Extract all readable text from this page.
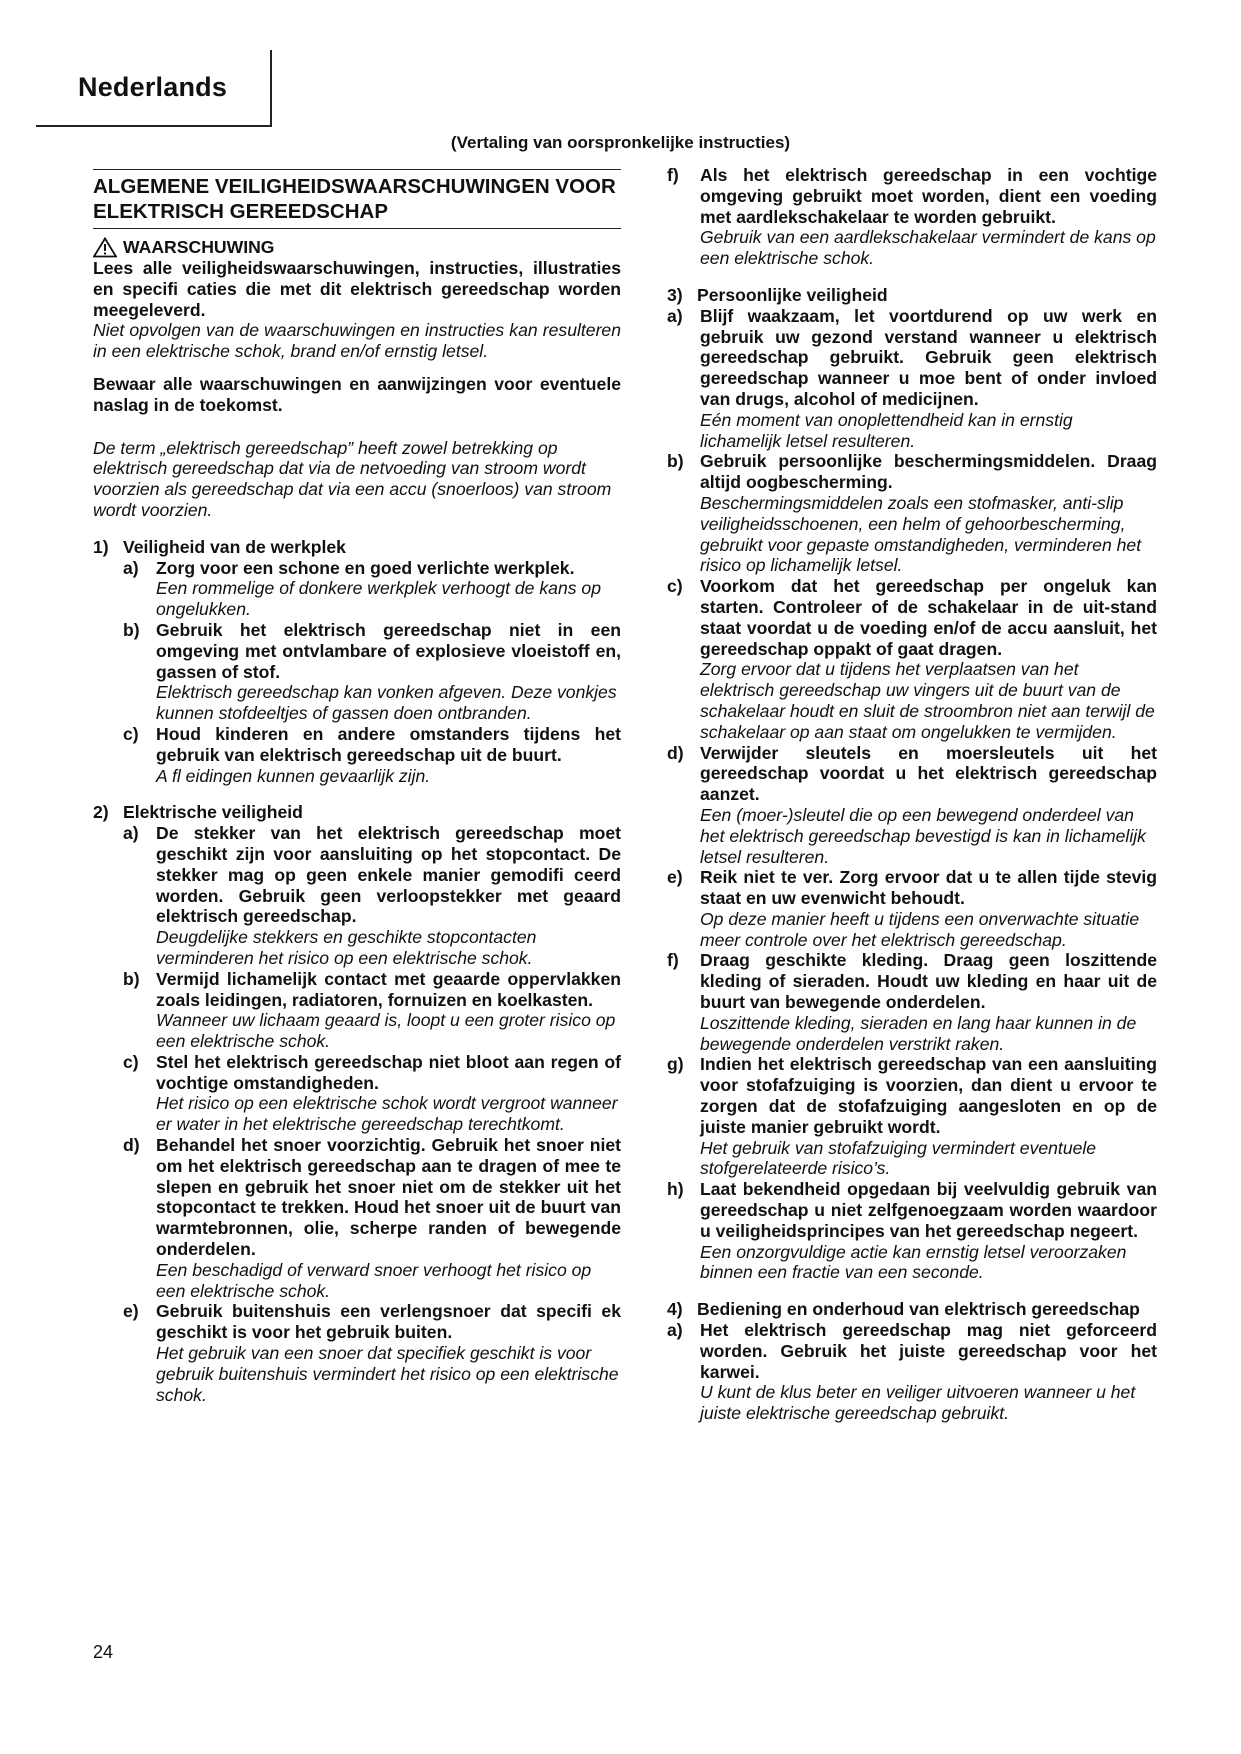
Nederlands
(Vertaling van oorspronkelijke instructies)
ALGEMENE VEILIGHEIDSWAARSCHUWINGEN VOOR ELEKTRISCH GEREEDSCHAP
WAARSCHUWING
Lees alle veiligheidswaarschuwingen, instructies, illustraties en specifi caties die met dit elektrisch gereedschap worden meegeleverd.
Niet opvolgen van de waarschuwingen en instructies kan resulteren in een elektrische schok, brand en/of ernstig letsel.
Bewaar alle waarschuwingen en aanwijzingen voor eventuele naslag in de toekomst.
De term „elektrisch gereedschap” heeft zowel betrekking op elektrisch gereedschap dat via de netvoeding van stroom wordt voorzien als gereedschap dat via een accu (snoerloos) van stroom wordt voorzien.
1) Veiligheid van de werkplek
a) Zorg voor een schone en goed verlichte werkplek.
Een rommelige of donkere werkplek verhoogt de kans op ongelukken.
b) Gebruik het elektrisch gereedschap niet in een omgeving met ontvlambare of explosieve vloeistoff en, gassen of stof.
Elektrisch gereedschap kan vonken afgeven. Deze vonkjes kunnen stofdeeltjes of gassen doen ontbranden.
c) Houd kinderen en andere omstanders tijdens het gebruik van elektrisch gereedschap uit de buurt.
A fl eidingen kunnen gevaarlijk zijn.
2) Elektrische veiligheid
a) De stekker van het elektrisch gereedschap moet geschikt zijn voor aansluiting op het stopcontact. De stekker mag op geen enkele manier gemodifi ceerd worden. Gebruik geen verloopstekker met geaard elektrisch gereedschap.
Deugdelijke stekkers en geschikte stopcontacten verminderen het risico op een elektrische schok.
b) Vermijd lichamelijk contact met geaarde oppervlakken zoals leidingen, radiatoren, fornuizen en koelkasten.
Wanneer uw lichaam geaard is, loopt u een groter risico op een elektrische schok.
c) Stel het elektrisch gereedschap niet bloot aan regen of vochtige omstandigheden.
Het risico op een elektrische schok wordt vergroot wanneer er water in het elektrische gereedschap terechtkomt.
d) Behandel het snoer voorzichtig. Gebruik het snoer niet om het elektrisch gereedschap aan te dragen of mee te slepen en gebruik het snoer niet om de stekker uit het stopcontact te trekken. Houd het snoer uit de buurt van warmtebronnen, olie, scherpe randen of bewegende onderdelen.
Een beschadigd of verward snoer verhoogt het risico op een elektrische schok.
e) Gebruik buitenshuis een verlengsnoer dat specifi ek geschikt is voor het gebruik buiten.
Het gebruik van een snoer dat specifiek geschikt is voor gebruik buitenshuis vermindert het risico op een elektrische schok.
f)	Als het elektrisch gereedschap in een vochtige omgeving gebruikt moet worden, dient een voeding met aardlekschakelaar te worden gebruikt.
Gebruik van een aardlekschakelaar vermindert de kans op een elektrische schok.
3) Persoonlijke veiligheid
a) Blijf waakzaam, let voortdurend op uw werk en gebruik uw gezond verstand wanneer u elektrisch gereedschap gebruikt. Gebruik geen elektrisch gereedschap wanneer u moe bent of onder invloed van drugs, alcohol of medicijnen.
Eén moment van onoplettendheid kan in ernstig lichamelijk letsel resulteren.
b) Gebruik persoonlijke beschermingsmiddelen. Draag altijd oogbescherming.
Beschermingsmiddelen zoals een stofmasker, anti-slip veiligheidsschoenen, een helm of gehoorbescherming, gebruikt voor gepaste omstandigheden, verminderen het risico op lichamelijk letsel.
c) Voorkom dat het gereedschap per ongeluk kan starten. Controleer of de schakelaar in de uit-stand staat voordat u de voeding en/of de accu aansluit, het gereedschap oppakt of gaat dragen.
Zorg ervoor dat u tijdens het verplaatsen van het elektrisch gereedschap uw vingers uit de buurt van de schakelaar houdt en sluit de stroombron niet aan terwijl de schakelaar op aan staat om ongelukken te vermijden.
d) Verwijder sleutels en moersleutels uit het gereedschap voordat u het elektrisch gereedschap aanzet.
Een (moer-)sleutel die op een bewegend onderdeel van het elektrisch gereedschap bevestigd is kan in lichamelijk letsel resulteren.
e) Reik niet te ver. Zorg ervoor dat u te allen tijde stevig staat en uw evenwicht behoudt.
Op deze manier heeft u tijdens een onverwachte situatie meer controle over het elektrisch gereedschap.
f)	Draag geschikte kleding. Draag geen loszittende kleding of sieraden. Houdt uw kleding en haar uit de buurt van bewegende onderdelen.
Loszittende kleding, sieraden en lang haar kunnen in de bewegende onderdelen verstrikt raken.
g) Indien het elektrisch gereedschap van een aansluiting voor stofafzuiging is voorzien, dan dient u ervoor te zorgen dat de stofafzuiging aangesloten en op de juiste manier gebruikt wordt.
Het gebruik van stofafzuiging vermindert eventuele stofgerelateerde risico’s.
h) Laat bekendheid opgedaan bij veelvuldig gebruik van gereedschap u niet zelfgenoegzaam worden waardoor u veiligheidsprincipes van het gereedschap negeert.
Een onzorgvuldige actie kan ernstig letsel veroorzaken binnen een fractie van een seconde.
4) Bediening en onderhoud van elektrisch gereedschap
a) Het elektrisch gereedschap mag niet geforceerd worden. Gebruik het juiste gereedschap voor het karwei.
U kunt de klus beter en veiliger uitvoeren wanneer u het juiste elektrische gereedschap gebruikt.
24
